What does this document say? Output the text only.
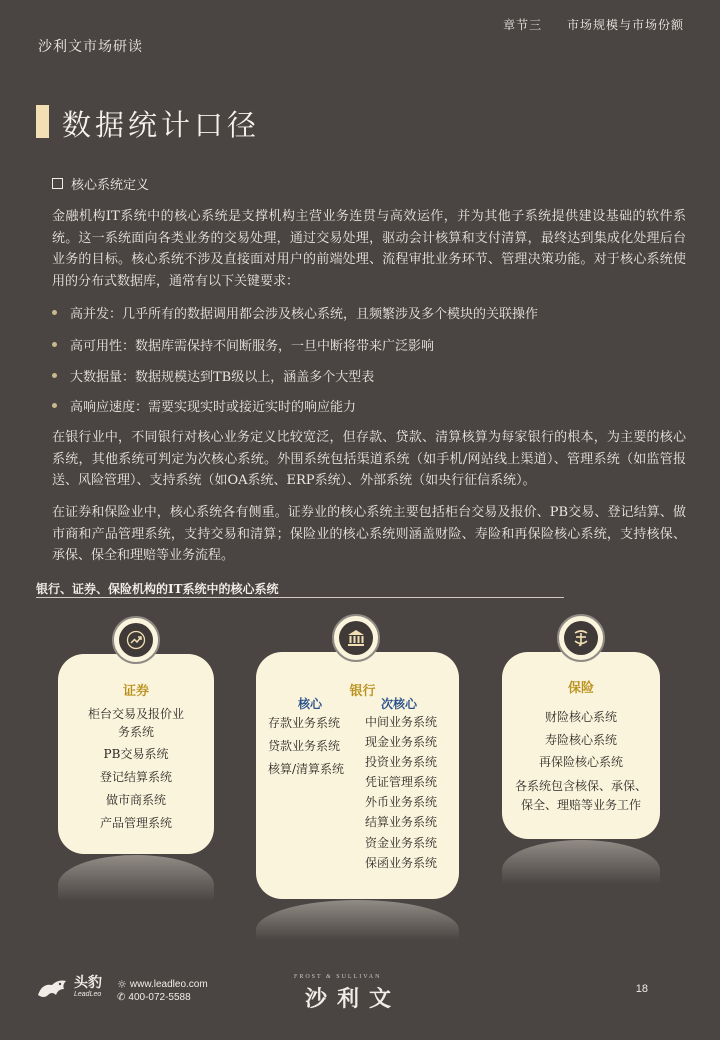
沙利文市场研读
章节三 市场规模与市场份额
数据统计口径
核心系统定义
金融机构IT系统中的核心系统是支撑机构主营业务连贯与高效运作，并为其他子系统提供建设基础的软件系统。这一系统面向各类业务的交易处理，通过交易处理，驱动会计核算和支付清算，最终达到集成化处理后台业务的目标。核心系统不涉及直接面对用户的前端处理、流程审批业务环节、管理决策功能。对于核心系统使用的分布式数据库，通常有以下关键要求：
高并发：几乎所有的数据调用都会涉及核心系统，且频繁涉及多个模块的关联操作
高可用性：数据库需保持不间断服务，一旦中断将带来广泛影响
大数据量：数据规模达到TB级以上，涵盖多个大型表
高响应速度：需要实现实时或接近实时的响应能力
在银行业中，不同银行对核心业务定义比较宽泛，但存款、贷款、清算核算为每家银行的根本，为主要的核心系统，其他系统可判定为次核心系统。外围系统包括渠道系统（如手机/网站线上渠道）、管理系统（如监管报送、风险管理）、支持系统（如OA系统、ERP系统）、外部系统（如央行征信系统）。
在证券和保险业中，核心系统各有侧重。证券业的核心系统主要包括柜台交易及报价、PB交易、登记结算、做市商和产品管理系统，支持交易和清算；保险业的核心系统则涵盖财险、寿险和再保险核心系统，支持核保、承保、保全和理赔等业务流程。
银行、证券、保险机构的IT系统中的核心系统
证券
柜台交易及报价业
务系统
PB交易系统
登记结算系统
做市商系统
产品管理系统
银行
核心	次核心
存款业务系统
贷款业务系统
核算/清算系统
中间业务系统
现金业务系统
投资业务系统
凭证管理系统
外币业务系统
结算业务系统
资金业务系统
保函业务系统
保险
财险核心系统
寿险核心系统
再保险核心系统
各系统包含核保、承保、
保全、理赔等业务工作
头豹
LeadLeo
☼ www.leadleo.com
✆ 400-072-5588
FROST & SULLIVAN
沙利文	18
